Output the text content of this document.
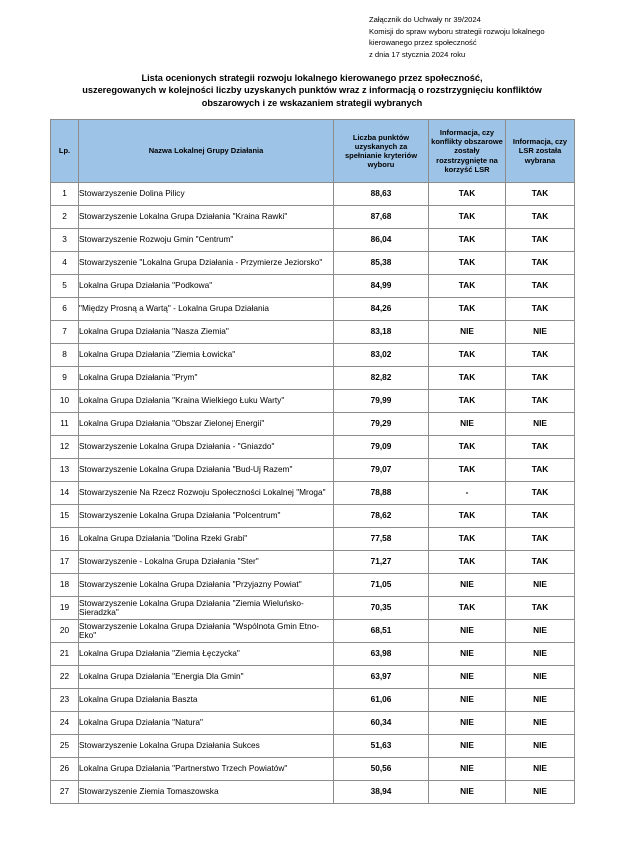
Załącznik do Uchwały nr 39/2024
Komisji do spraw wyboru strategii rozwoju lokalnego
kierowanego przez społeczność
z dnia 17 stycznia 2024 roku
Lista ocenionych strategii rozwoju lokalnego kierowanego przez społeczność,
uszeregowanych w kolejności liczby uzyskanych punktów wraz z informacją o rozstrzygnięciu konfliktów
obszarowych i ze wskazaniem strategii wybranych
Lp.	Nazwa Lokalnej Grupy Działania	Liczba punktów uzyskanych za spełnianie kryteriów wyboru	Informacja, czy konflikty obszarowe zostały rozstrzygnięte na korzyść LSR	Informacja, czy LSR została wybrana
1	Stowarzyszenie Dolina Pilicy	88,63	TAK	TAK
2	Stowarzyszenie Lokalna Grupa Działania "Kraina Rawki"	87,68	TAK	TAK
3	Stowarzyszenie Rozwoju Gmin "Centrum"	86,04	TAK	TAK
4	Stowarzyszenie "Lokalna Grupa Działania - Przymierze Jeziorsko"	85,38	TAK	TAK
5	Lokalna Grupa Działania "Podkowa"	84,99	TAK	TAK
6	"Między Prosną a Wartą" - Lokalna Grupa Działania	84,26	TAK	TAK
7	Lokalna Grupa Działania "Nasza Ziemia"	83,18	NIE	NIE
8	Lokalna Grupa Działania "Ziemia Łowicka"	83,02	TAK	TAK
9	Lokalna Grupa Działania "Prym"	82,82	TAK	TAK
10	Lokalna Grupa Działania "Kraina Wielkiego Łuku Warty"	79,99	TAK	TAK
11	Lokalna Grupa Działania "Obszar Zielonej Energii"	79,29	NIE	NIE
12	Stowarzyszenie Lokalna Grupa Działania - "Gniazdo"	79,09	TAK	TAK
13	Stowarzyszenie Lokalna Grupa Działania "Bud-Uj Razem"	79,07	TAK	TAK
14	Stowarzyszenie Na Rzecz Rozwoju Społeczności Lokalnej "Mroga"	78,88	-	TAK
15	Stowarzyszenie Lokalna Grupa Działania "Polcentrum"	78,62	TAK	TAK
16	Lokalna Grupa Działania "Dolina Rzeki Grabi"	77,58	TAK	TAK
17	Stowarzyszenie - Lokalna Grupa Działania "Ster"	71,27	TAK	TAK
18	Stowarzyszenie Lokalna Grupa Działania "Przyjazny Powiat"	71,05	NIE	NIE
19	Stowarzyszenie Lokalna Grupa Działania "Ziemia Wieluńsko-Sieradzka"	70,35	TAK	TAK
20	Stowarzyszenie Lokalna Grupa Działania "Wspólnota Gmin Etno-Eko"	68,51	NIE	NIE
21	Lokalna Grupa Działania "Ziemia Łęczycka"	63,98	NIE	NIE
22	Lokalna Grupa Działania "Energia Dla Gmin"	63,97	NIE	NIE
23	Lokalna Grupa Działania Baszta	61,06	NIE	NIE
24	Lokalna Grupa Działania "Natura"	60,34	NIE	NIE
25	Stowarzyszenie Lokalna Grupa Działania Sukces	51,63	NIE	NIE
26	Lokalna Grupa Działania "Partnerstwo Trzech Powiatów"	50,56	NIE	NIE
27	Stowarzyszenie Ziemia Tomaszowska	38,94	NIE	NIE
